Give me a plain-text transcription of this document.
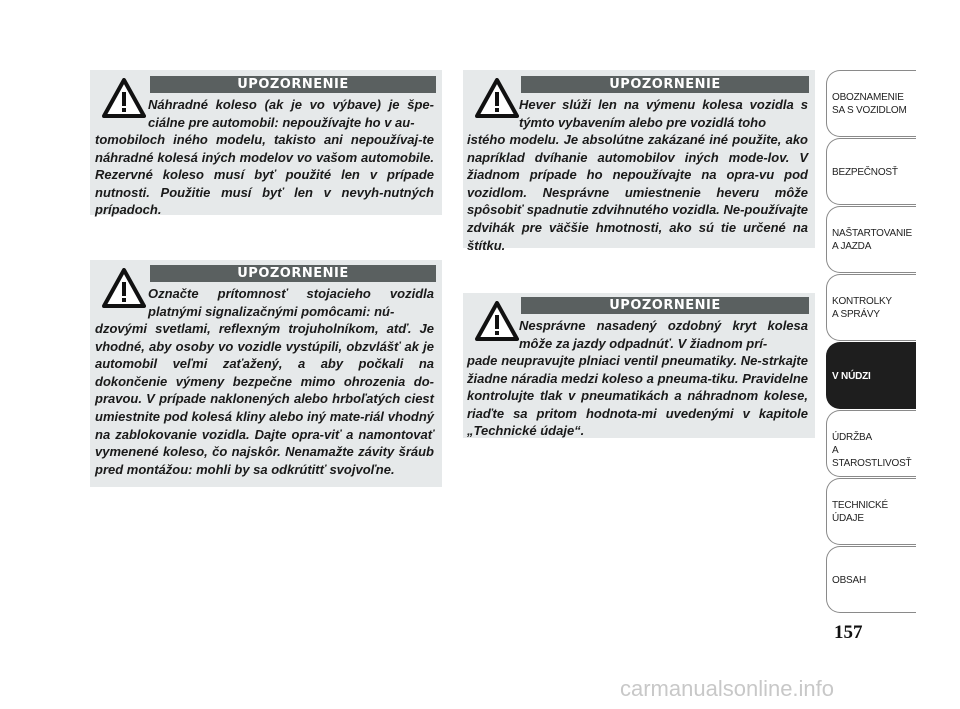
UPOZORNENIE

Náhradné koleso (ak je vo výbave) je špe-ciálne pre automobil: nepoužívajte ho v au-

tomobiloch iného modelu, takisto ani nepoužívaj-te náhradné kolesá iných modelov vo vašom automobile. Rezervné koleso musí byť použité len v prípade nutnosti. Použitie musí byť len v nevyh-nutných prípadoch.

UPOZORNENIE

Označte prítomnosť stojacieho vozidla platnými signalizačnými pomôcami: nú-

dzovými svetlami, reflexným trojuholníkom, atď. Je vhodné, aby osoby vo vozidle vystúpili, obzvlášť ak je automobil veľmi zaťažený, a aby počkali na dokončenie výmeny bezpečne mimo ohrozenia do-pravou. V prípade naklonených alebo hrboľatých ciest umiestnite pod kolesá kliny alebo iný mate-riál vhodný na zablokovanie vozidla. Dajte opra-viť a namontovať vymenené koleso, čo najskôr. Nenamažte závity šráub pred montážou: mohli by sa odkrútitť svojvoľne.

UPOZORNENIE

Hever slúži len na výmenu kolesa vozidla s týmto vybavením alebo pre vozidlá toho

istého modelu. Je absolútne zakázané iné použite, ako napríklad dvíhanie automobilov iných mode-lov. V žiadnom prípade ho nepoužívajte na opra-vu pod vozidlom. Nesprávne umiestnenie heveru môže spôsobiť spadnutie zdvihnutého vozidla. Ne-používajte zdvihák pre väčšie hmotnosti, ako sú tie určené na štítku.

UPOZORNENIE

Nesprávne nasadený ozdobný kryt kolesa môže za jazdy odpadnúť. V žiadnom prí-

pade neupravujte plniaci ventil pneumatiky. Ne-strkajte žiadne náradia medzi koleso a pneuma-tiku. Pravidelne kontrolujte tlak v pneumatikách a náhradnom kolese, riaďte sa pritom hodnota-mi uvedenými v kapitole „Technické údaje“.

OBOZNAMENIE
SA S VOZIDLOM
BEZPEČNOSŤ
NAŠTARTOVANIE
A JAZDA
KONTROLKY
A SPRÁVY
V NÚDZI
ÚDRŽBA
A STAROSTLIVOSŤ
TECHNICKÉ
ÚDAJE
OBSAH
157
carmanualsonline.info
